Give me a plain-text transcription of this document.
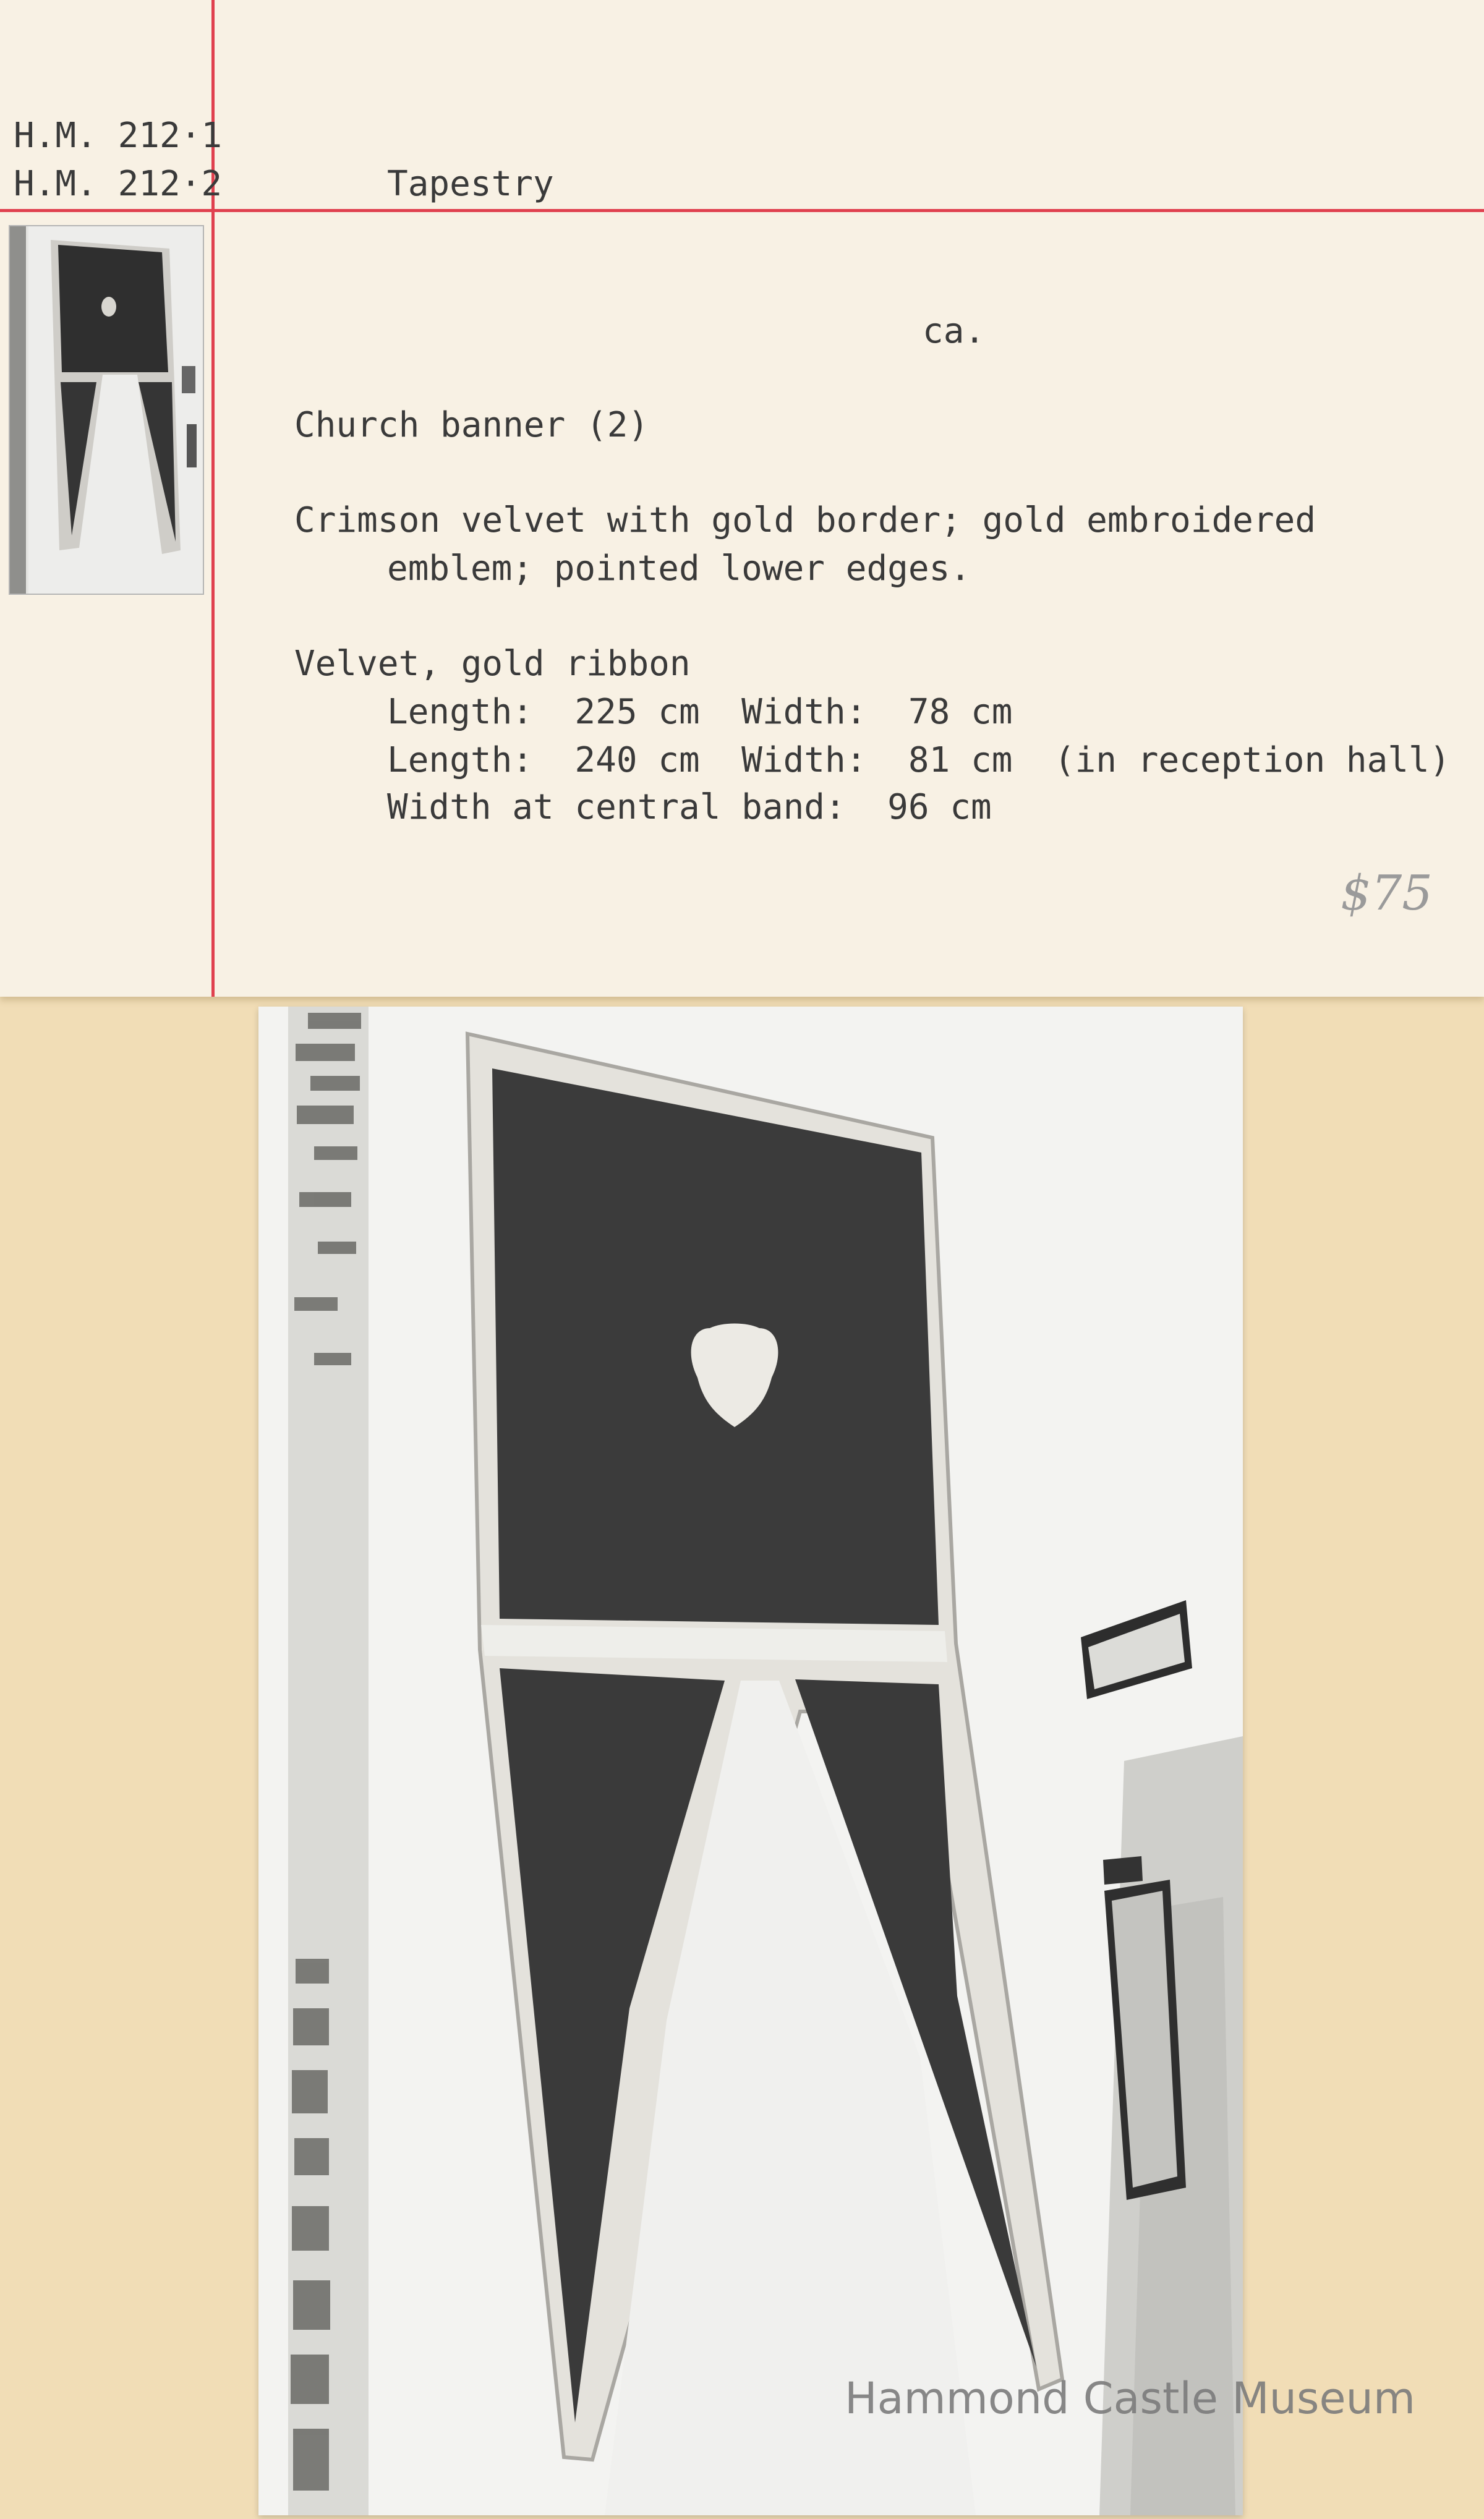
H.M. 212·1
H.M. 212·2	Tapestry
ca.
Church banner (2)
Crimson velvet with gold border; gold embroidered
emblem; pointed lower edges.
Velvet, gold ribbon
Length:  225 cm  Width:  78 cm
Length:  240 cm  Width:  81 cm  (in reception hall)
Width at central band:  96 cm
$75
Hammond Castle Museum
